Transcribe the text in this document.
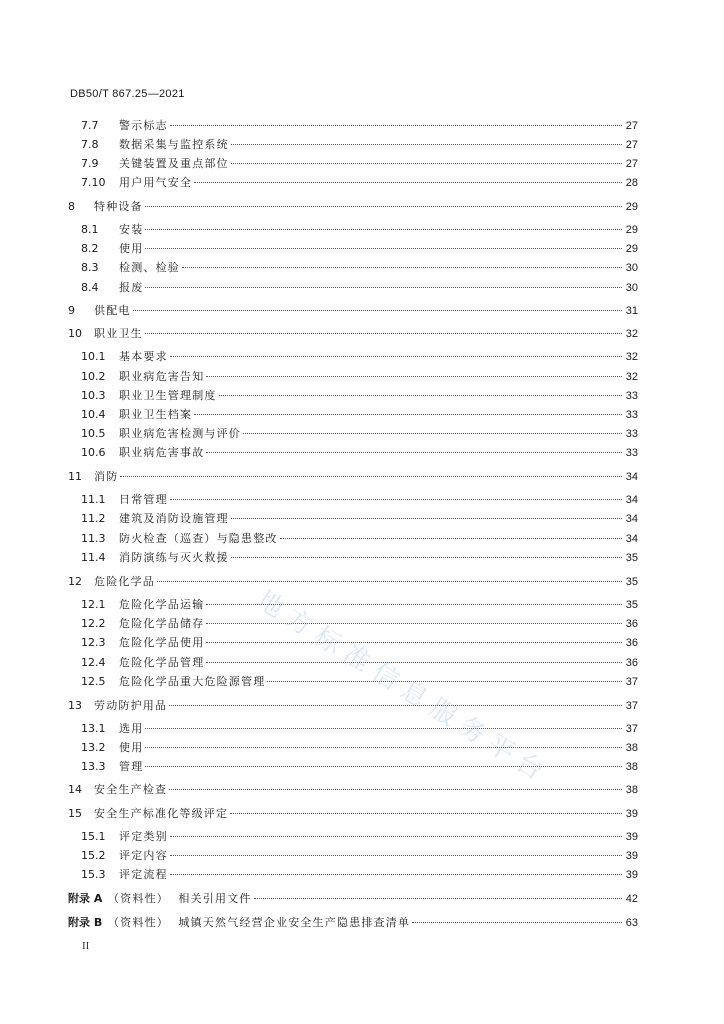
DB50/T 867.25—2021
7.7	警示标志	27
7.8	数据采集与监控系统	27
7.9	关键装置及重点部位	27
7.10	用户用气安全	28
8	特种设备	29
8.1	安装	29
8.2	使用	29
8.3	检测、检验	30
8.4	报废	30
9	供配电	31
10	职业卫生	32
10.1	基本要求	32
10.2	职业病危害告知	32
10.3	职业卫生管理制度	33
10.4	职业卫生档案	33
10.5	职业病危害检测与评价	33
10.6	职业病危害事故	33
11	消防	34
11.1	日常管理	34
11.2	建筑及消防设施管理	34
11.3	防火检查（巡查）与隐患整改	34
11.4	消防演练与灭火救援	35
12	危险化学品	35
12.1	危险化学品运输	35
12.2	危险化学品储存	36
12.3	危险化学品使用	36
12.4	危险化学品管理	36
12.5	危险化学品重大危险源管理	37
13	劳动防护用品	37
13.1	选用	37
13.2	使用	38
13.3	管理	38
14	安全生产检查	38
15	安全生产标准化等级评定	39
15.1	评定类别	39
15.2	评定内容	39
15.3	评定流程	39
附录 A （资料性）  相关引用文件	42
附录 B （资料性）  城镇天然气经营企业安全生产隐患排查清单	63
II
地方标准信息服务平台
